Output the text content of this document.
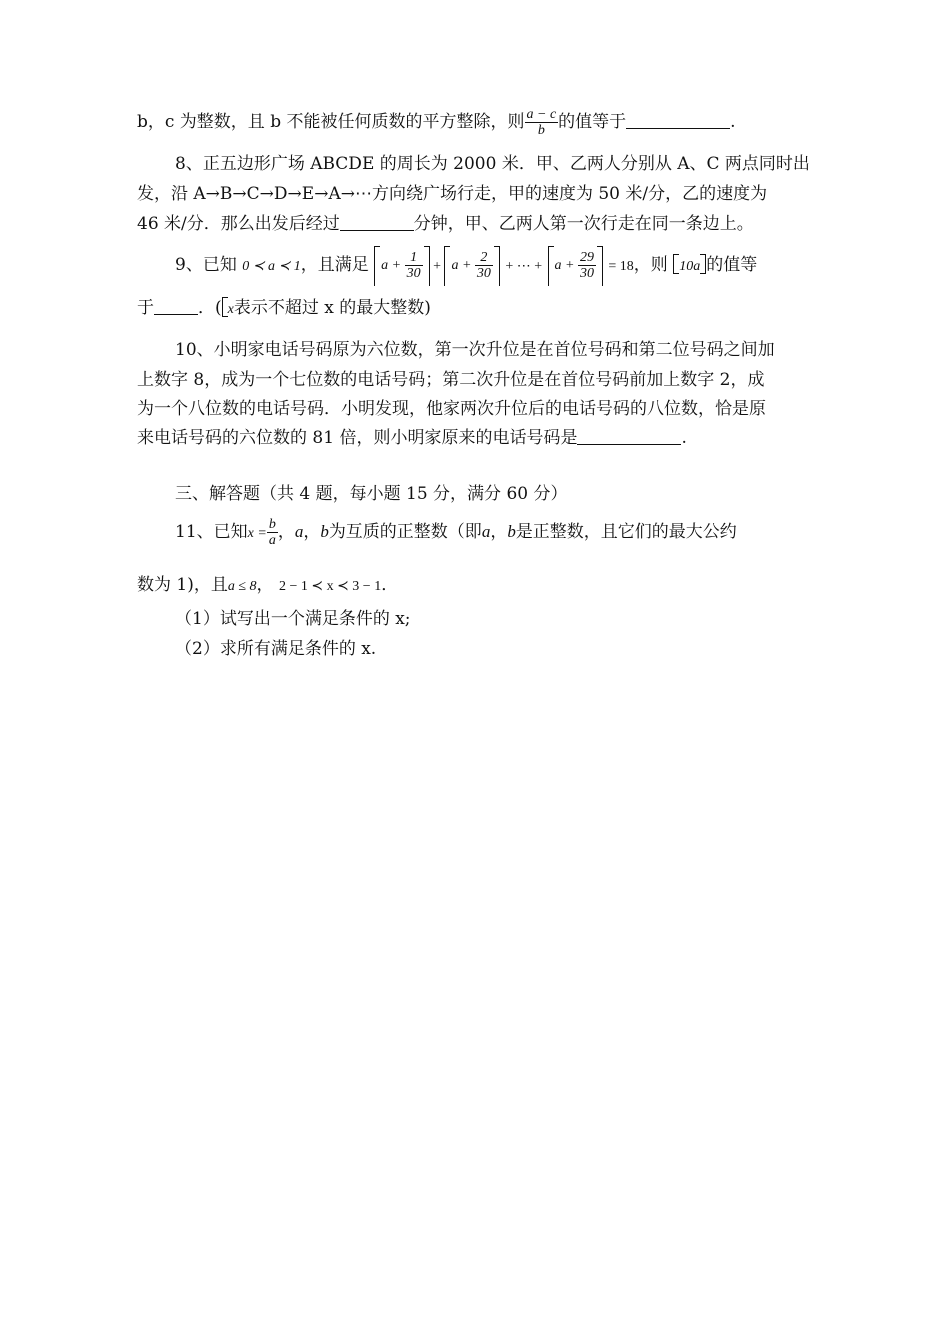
b，c 为整数，且 b 不能被任何质数的平方整除，则 $\frac{a - c}{b}$ 的值等于	.
8、正五边形广场 ABCDE 的周长为 2000 米．甲、乙两人分别从 A、C 两点同时出
发，沿 A→B→C→D→E→A→⋯方向绕广场行走，甲的速度为 50 米/分，乙的速度为
46 米/分．那么出发后经过	分钟，甲、乙两人第一次行走在同一条边上。
9、已知 0 ≺ a ≺ 1，且满足 $a + \frac{1}{30} + a + \frac{2}{30}$ + ⋯ + $a + \frac{29}{30} = 18$，则 10a 的值等
于	．( x表示不超过 x 的最大整数)
10、小明家电话号码原为六位数，第一次升位是在首位号码和第二位号码之间加
上数字 8，成为一个七位数的电话号码；第二次升位是在首位号码前加上数字 2，成
为一个八位数的电话号码．小明发现，他家两次升位后的电话号码的八位数，恰是原
来电话号码的六位数的 81 倍，则小明家原来的电话号码是	.
三、解答题（共 4 题，每小题 15 分，满分 60 分）
11、已知$x = \frac{b}{a}$ ，a，b为互质的正整数（即a，b是正整数，且它们的最大公约
数为 1)，且a ≤ 8， 2 − 1 ≺ x ≺ 3 − 1．
（1）试写出一个满足条件的 x;
（2）求所有满足条件的 x.
